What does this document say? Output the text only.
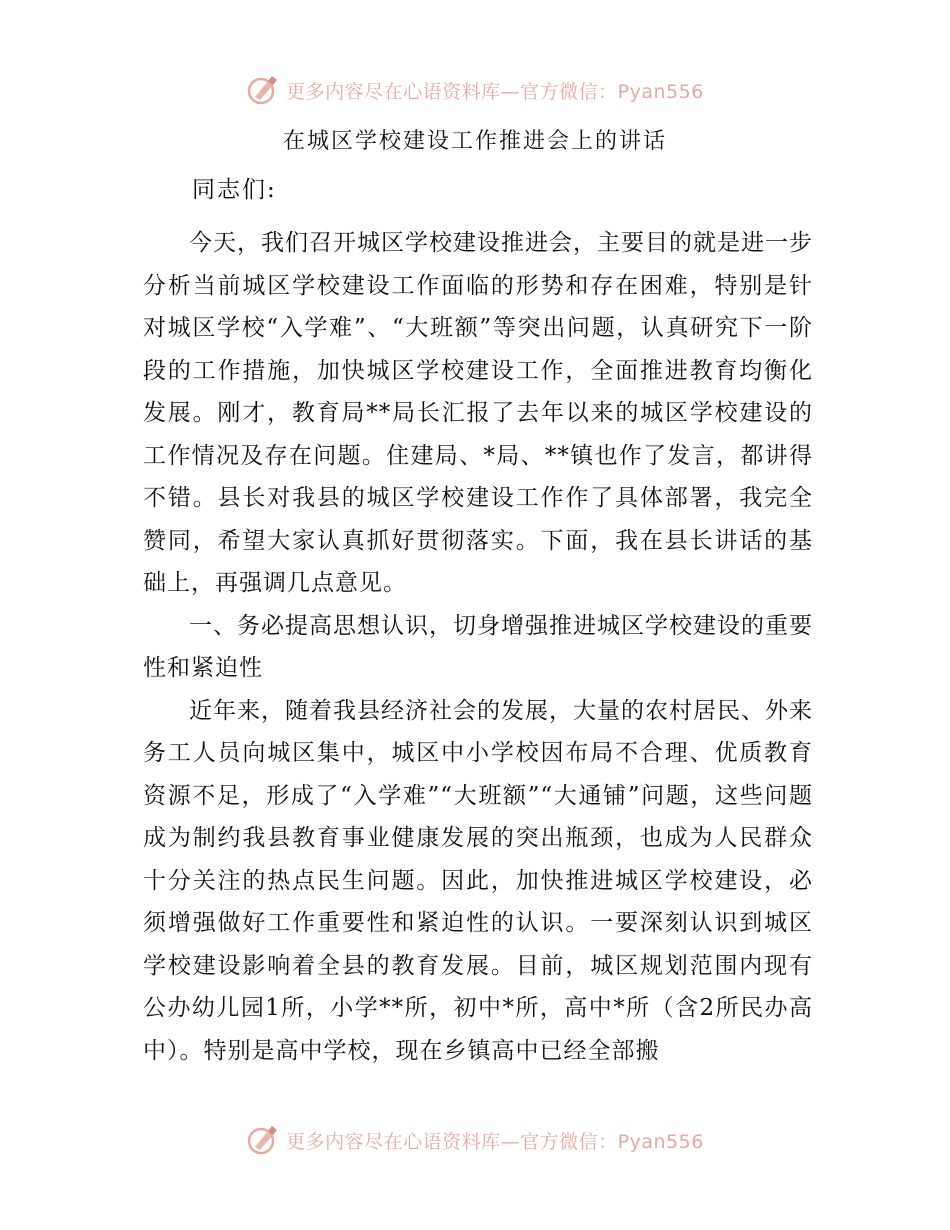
更多内容尽在心语资料库—官方微信：Pyan556
在城区学校建设工作推进会上的讲话
同志们:

今天，我们召开城区学校建设推进会，主要目的就是进一步分析当前城区学校建设工作面临的形势和存在困难，特别是针对城区学校“入学难”、“大班额”等突出问题，认真研究下一阶段的工作措施，加快城区学校建设工作，全面推进教育均衡化发展。刚才，教育局**局长汇报了去年以来的城区学校建设的工作情况及存在问题。住建局、*局、**镇也作了发言，都讲得不错。县长对我县的城区学校建设工作作了具体部署，我完全赞同，希望大家认真抓好贯彻落实。下面，我在县长讲话的基础上，再强调几点意见。

一、务必提高思想认识，切身增强推进城区学校建设的重要性和紧迫性

近年来，随着我县经济社会的发展，大量的农村居民、外来务工人员向城区集中，城区中小学校因布局不合理、优质教育资源不足，形成了“入学难”“大班额”“大通铺”问题，这些问题成为制约我县教育事业健康发展的突出瓶颈，也成为人民群众十分关注的热点民生问题。因此，加快推进城区学校建设，必须增强做好工作重要性和紧迫性的认识。一要深刻认识到城区学校建设影响着全县的教育发展。目前，城区规划范围内现有公办幼儿园1所，小学**所，初中*所，高中*所（含2所民办高中）。特别是高中学校，现在乡镇高中已经全部搬

更多内容尽在心语资料库—官方微信：Pyan556
